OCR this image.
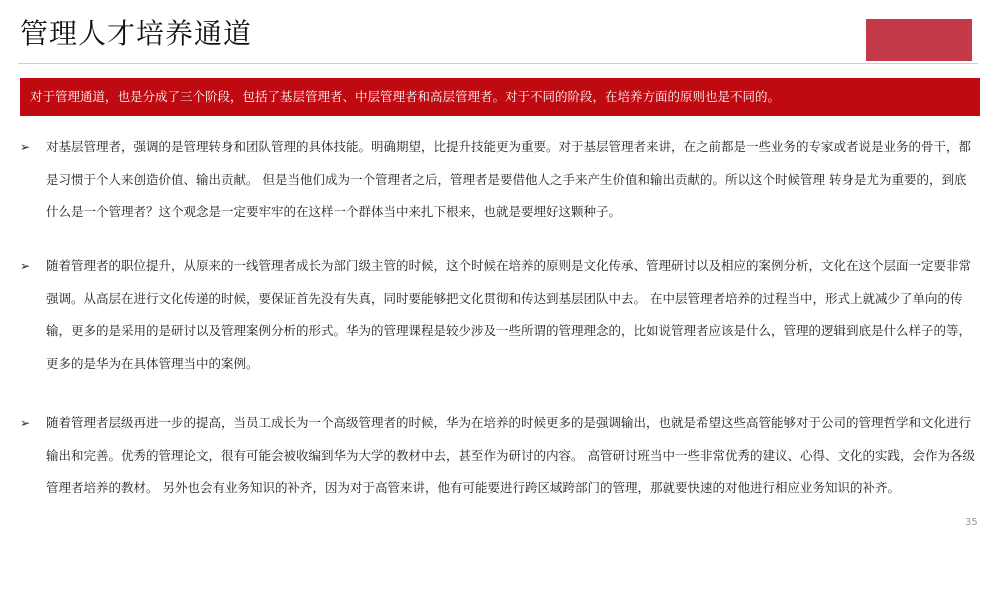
管理人才培养通道
对于管理通道，也是分成了三个阶段，包括了基层管理者、中层管理者和高层管理者。对于不同的阶段，在培养方面的原则也是不同的。
➢	对基层管理者，强调的是管理转身和团队管理的具体技能。明确期望，比提升技能更为重要。对于基层管理者来讲，在之前都是一些业务的专家或者说是业务的骨干，都是习惯于个人来创造价值、输出贡献。 但是当他们成为一个管理者之后，管理者是要借他人之手来产生价值和输出贡献的。所以这个时候管理 转身是尤为重要的，到底什么是一个管理者？这个观念是一定要牢牢的在这样一个群体当中来扎下根来，也就是要埋好这颗种子。
➢	随着管理者的职位提升，从原来的一线管理者成长为部门级主管的时候，这个时候在培养的原则是文化传承、管理研讨以及相应的案例分析，文化在这个层面一定要非常强调。从高层在进行文化传递的时候，要保证首先没有失真，同时要能够把文化贯彻和传达到基层团队中去。 在中层管理者培养的过程当中，形式上就减少了单向的传输，更多的是采用的是研讨以及管理案例分析的形式。华为的管理课程是较少涉及一些所谓的管理理念的，比如说管理者应该是什么，管理的逻辑到底是什么样子的等，更多的是华为在具体管理当中的案例。
➢	随着管理者层级再进一步的提高，当员工成长为一个高级管理者的时候，华为在培养的时候更多的是强调输出，也就是希望这些高管能够对于公司的管理哲学和文化进行输出和完善。优秀的管理论文，很有可能会被收编到华为大学的教材中去，甚至作为研讨的内容。 高管研讨班当中一些非常优秀的建议、心得、文化的实践，会作为各级管理者培养的教材。 另外也会有业务知识的补齐，因为对于高管来讲，他有可能要进行跨区域跨部门的管理，那就要快速的对他进行相应业务知识的补齐。
35
